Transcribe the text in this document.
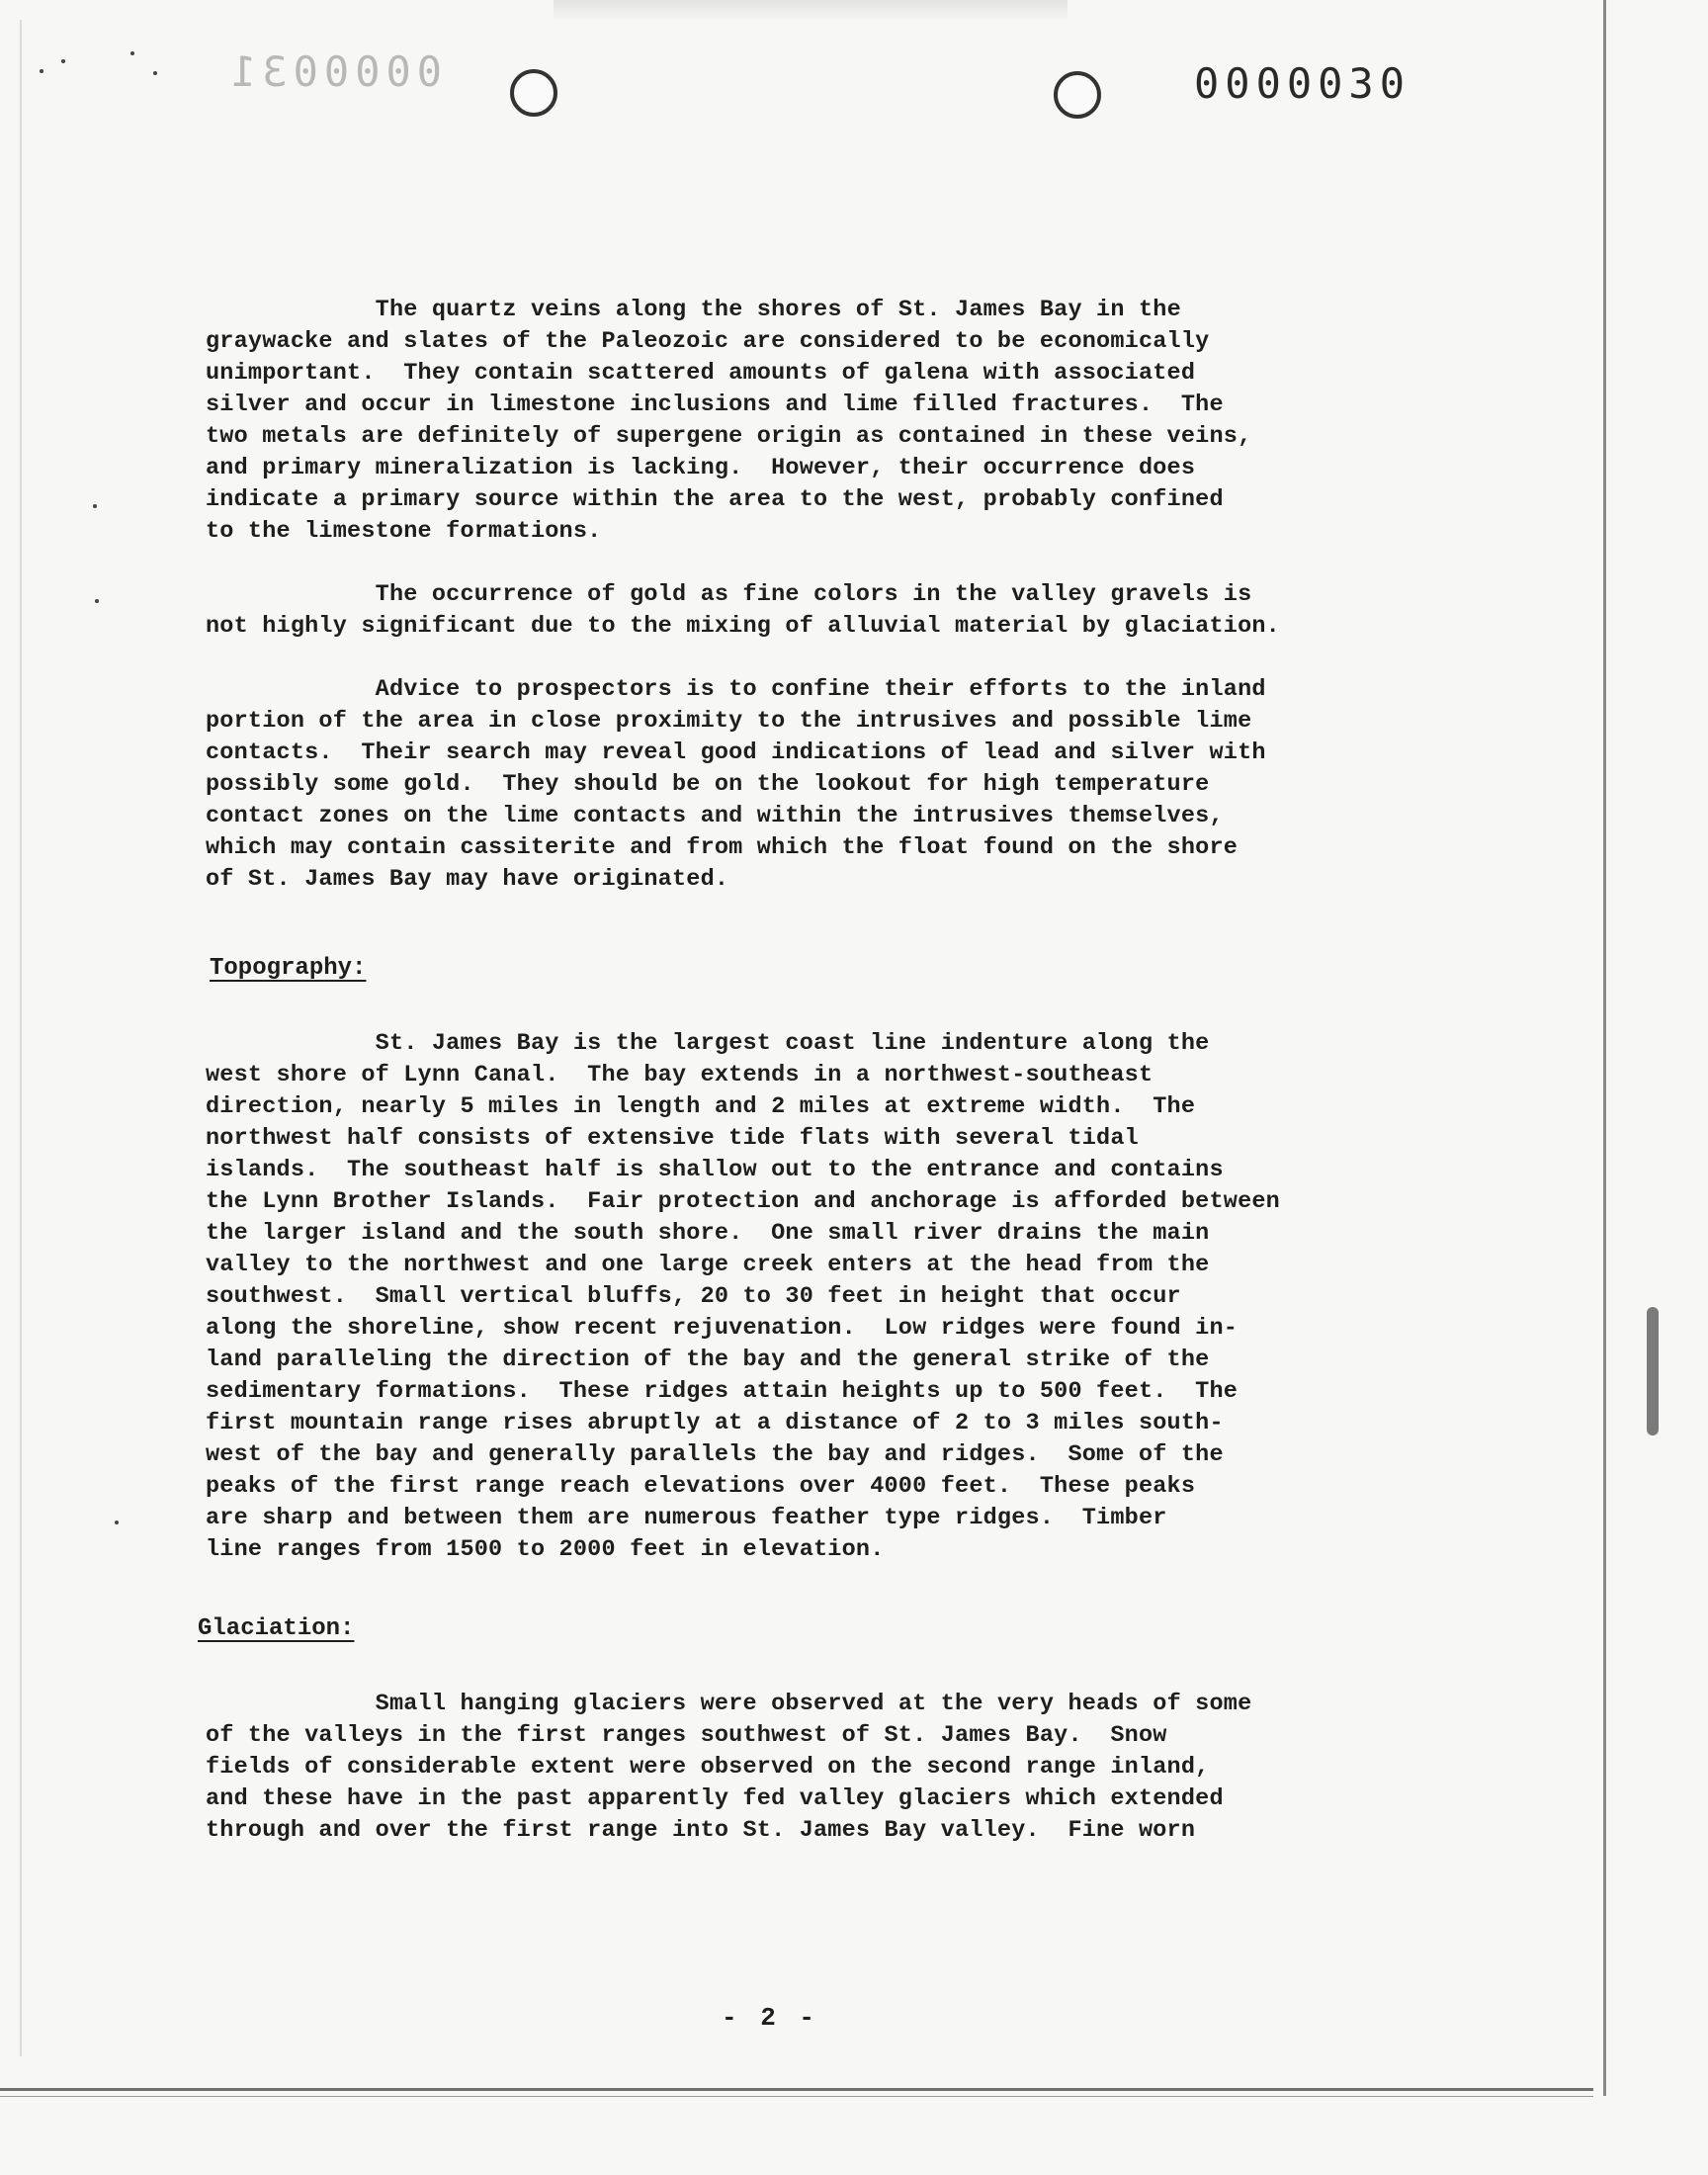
0000031	0000030

The quartz veins along the shores of St. James Bay in the
graywacke and slates of the Paleozoic are considered to be economically
unimportant.  They contain scattered amounts of galena with associated
silver and occur in limestone inclusions and lime filled fractures.  The
two metals are definitely of supergene origin as contained in these veins,
and primary mineralization is lacking.  However, their occurrence does
indicate a primary source within the area to the west, probably confined
to the limestone formations.

The occurrence of gold as fine colors in the valley gravels is
not highly significant due to the mixing of alluvial material by glaciation.

Advice to prospectors is to confine their efforts to the inland
portion of the area in close proximity to the intrusives and possible lime
contacts.  Their search may reveal good indications of lead and silver with
possibly some gold.  They should be on the lookout for high temperature
contact zones on the lime contacts and within the intrusives themselves,
which may contain cassiterite and from which the float found on the shore
of St. James Bay may have originated.

Topography:

St. James Bay is the largest coast line indenture along the
west shore of Lynn Canal.  The bay extends in a northwest-southeast
direction, nearly 5 miles in length and 2 miles at extreme width.  The
northwest half consists of extensive tide flats with several tidal
islands.  The southeast half is shallow out to the entrance and contains
the Lynn Brother Islands.  Fair protection and anchorage is afforded between
the larger island and the south shore.  One small river drains the main
valley to the northwest and one large creek enters at the head from the
southwest.  Small vertical bluffs, 20 to 30 feet in height that occur
along the shoreline, show recent rejuvenation.  Low ridges were found in-
land paralleling the direction of the bay and the general strike of the
sedimentary formations.  These ridges attain heights up to 500 feet.  The
first mountain range rises abruptly at a distance of 2 to 3 miles south-
west of the bay and generally parallels the bay and ridges.  Some of the
peaks of the first range reach elevations over 4000 feet.  These peaks
are sharp and between them are numerous feather type ridges.  Timber
line ranges from 1500 to 2000 feet in elevation.

Glaciation:

Small hanging glaciers were observed at the very heads of some
of the valleys in the first ranges southwest of St. James Bay.  Snow
fields of considerable extent were observed on the second range inland,
and these have in the past apparently fed valley glaciers which extended
through and over the first range into St. James Bay valley.  Fine worn

- 2 -
